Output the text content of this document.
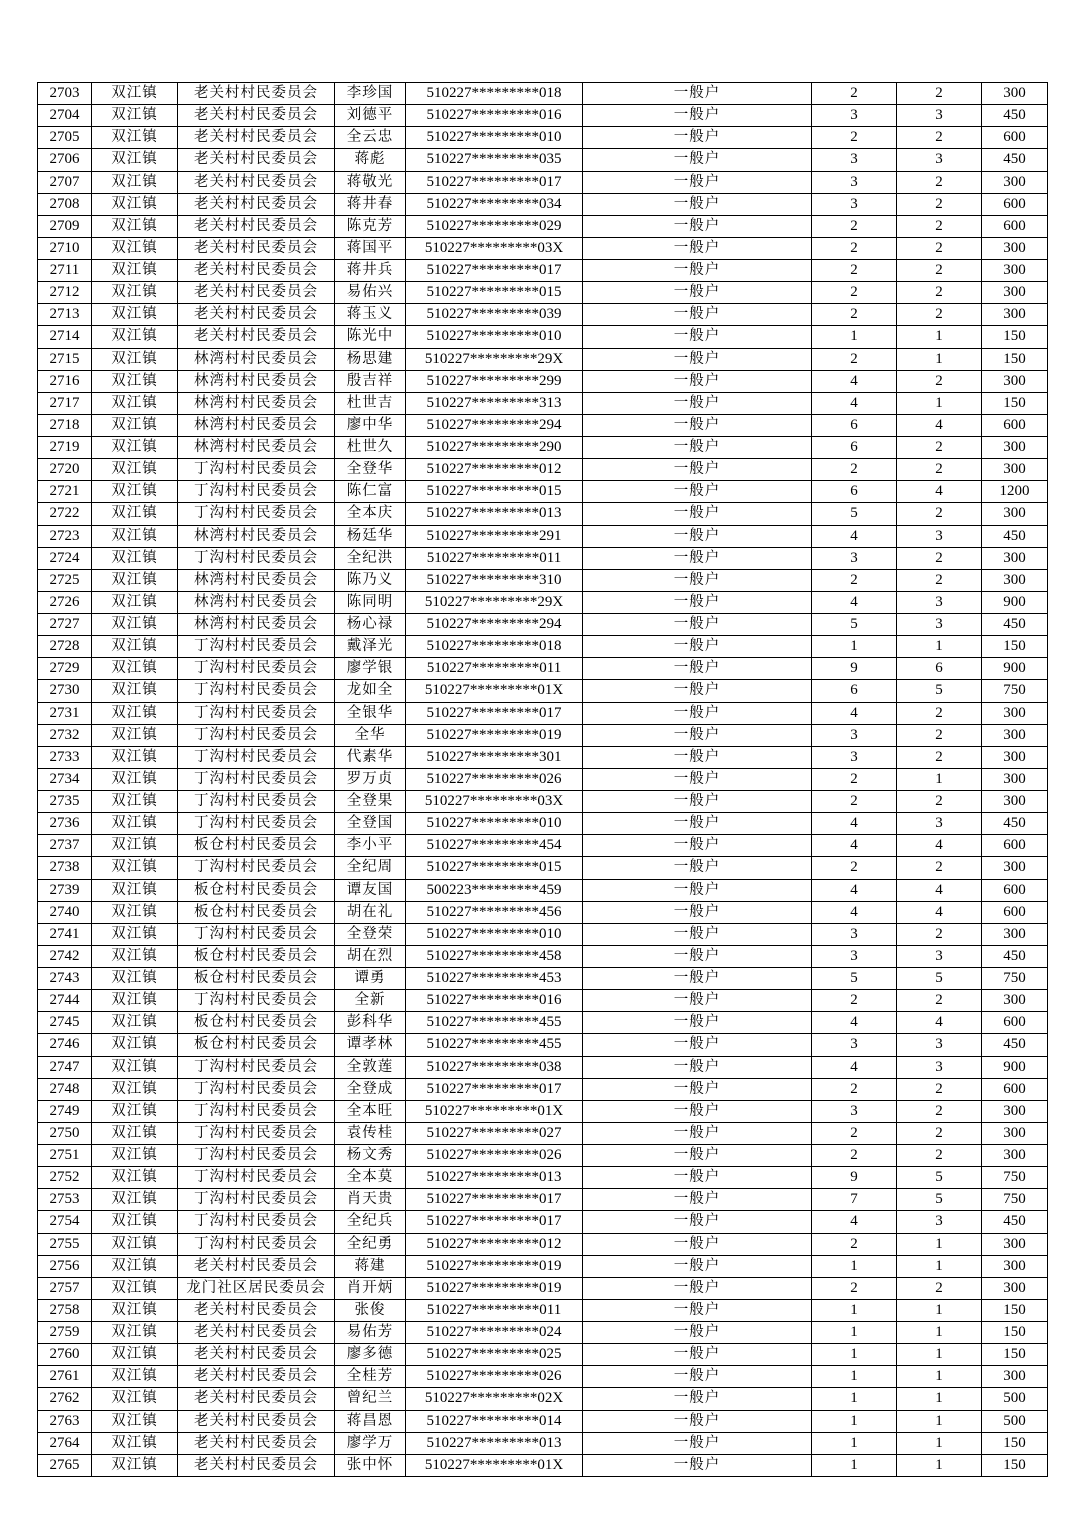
2703	双江镇	老关村村民委员会	李珍国	510227*********018	一般户	2	2	300
2704	双江镇	老关村村民委员会	刘德平	510227*********016	一般户	3	3	450
2705	双江镇	老关村村民委员会	全云忠	510227*********010	一般户	2	2	600
2706	双江镇	老关村村民委员会	蒋彪	510227*********035	一般户	3	3	450
2707	双江镇	老关村村民委员会	蒋敬光	510227*********017	一般户	3	2	300
2708	双江镇	老关村村民委员会	蒋井春	510227*********034	一般户	3	2	600
2709	双江镇	老关村村民委员会	陈克芳	510227*********029	一般户	2	2	600
2710	双江镇	老关村村民委员会	蒋国平	510227*********03X	一般户	2	2	300
2711	双江镇	老关村村民委员会	蒋井兵	510227*********017	一般户	2	2	300
2712	双江镇	老关村村民委员会	易佑兴	510227*********015	一般户	2	2	300
2713	双江镇	老关村村民委员会	蒋玉义	510227*********039	一般户	2	2	300
2714	双江镇	老关村村民委员会	陈光中	510227*********010	一般户	1	1	150
2715	双江镇	林湾村村民委员会	杨思建	510227*********29X	一般户	2	1	150
2716	双江镇	林湾村村民委员会	殷吉祥	510227*********299	一般户	4	2	300
2717	双江镇	林湾村村民委员会	杜世吉	510227*********313	一般户	4	1	150
2718	双江镇	林湾村村民委员会	廖中华	510227*********294	一般户	6	4	600
2719	双江镇	林湾村村民委员会	杜世久	510227*********290	一般户	6	2	300
2720	双江镇	丁沟村村民委员会	全登华	510227*********012	一般户	2	2	300
2721	双江镇	丁沟村村民委员会	陈仁富	510227*********015	一般户	6	4	1200
2722	双江镇	丁沟村村民委员会	全本庆	510227*********013	一般户	5	2	300
2723	双江镇	林湾村村民委员会	杨廷华	510227*********291	一般户	4	3	450
2724	双江镇	丁沟村村民委员会	全纪洪	510227*********011	一般户	3	2	300
2725	双江镇	林湾村村民委员会	陈乃义	510227*********310	一般户	2	2	300
2726	双江镇	林湾村村民委员会	陈同明	510227*********29X	一般户	4	3	900
2727	双江镇	林湾村村民委员会	杨心禄	510227*********294	一般户	5	3	450
2728	双江镇	丁沟村村民委员会	戴泽光	510227*********018	一般户	1	1	150
2729	双江镇	丁沟村村民委员会	廖学银	510227*********011	一般户	9	6	900
2730	双江镇	丁沟村村民委员会	龙如全	510227*********01X	一般户	6	5	750
2731	双江镇	丁沟村村民委员会	全银华	510227*********017	一般户	4	2	300
2732	双江镇	丁沟村村民委员会	全华	510227*********019	一般户	3	2	300
2733	双江镇	丁沟村村民委员会	代素华	510227*********301	一般户	3	2	300
2734	双江镇	丁沟村村民委员会	罗万贞	510227*********026	一般户	2	1	300
2735	双江镇	丁沟村村民委员会	全登果	510227*********03X	一般户	2	2	300
2736	双江镇	丁沟村村民委员会	全登国	510227*********010	一般户	4	3	450
2737	双江镇	板仓村村民委员会	李小平	510227*********454	一般户	4	4	600
2738	双江镇	丁沟村村民委员会	全纪周	510227*********015	一般户	2	2	300
2739	双江镇	板仓村村民委员会	谭友国	500223*********459	一般户	4	4	600
2740	双江镇	板仓村村民委员会	胡在礼	510227*********456	一般户	4	4	600
2741	双江镇	丁沟村村民委员会	全登荣	510227*********010	一般户	3	2	300
2742	双江镇	板仓村村民委员会	胡在烈	510227*********458	一般户	3	3	450
2743	双江镇	板仓村村民委员会	谭勇	510227*********453	一般户	5	5	750
2744	双江镇	丁沟村村民委员会	全新	510227*********016	一般户	2	2	300
2745	双江镇	板仓村村民委员会	彭科华	510227*********455	一般户	4	4	600
2746	双江镇	板仓村村民委员会	谭孝林	510227*********455	一般户	3	3	450
2747	双江镇	丁沟村村民委员会	全敦莲	510227*********038	一般户	4	3	900
2748	双江镇	丁沟村村民委员会	全登成	510227*********017	一般户	2	2	600
2749	双江镇	丁沟村村民委员会	全本旺	510227*********01X	一般户	3	2	300
2750	双江镇	丁沟村村民委员会	袁传桂	510227*********027	一般户	2	2	300
2751	双江镇	丁沟村村民委员会	杨文秀	510227*********026	一般户	2	2	300
2752	双江镇	丁沟村村民委员会	全本莫	510227*********013	一般户	9	5	750
2753	双江镇	丁沟村村民委员会	肖天贵	510227*********017	一般户	7	5	750
2754	双江镇	丁沟村村民委员会	全纪兵	510227*********017	一般户	4	3	450
2755	双江镇	丁沟村村民委员会	全纪勇	510227*********012	一般户	2	1	300
2756	双江镇	老关村村民委员会	蒋建	510227*********019	一般户	1	1	300
2757	双江镇	龙门社区居民委员会	肖开炳	510227*********019	一般户	2	2	300
2758	双江镇	老关村村民委员会	张俊	510227*********011	一般户	1	1	150
2759	双江镇	老关村村民委员会	易佑芳	510227*********024	一般户	1	1	150
2760	双江镇	老关村村民委员会	廖多德	510227*********025	一般户	1	1	150
2761	双江镇	老关村村民委员会	全桂芳	510227*********026	一般户	1	1	300
2762	双江镇	老关村村民委员会	曾纪兰	510227*********02X	一般户	1	1	500
2763	双江镇	老关村村民委员会	蒋昌恩	510227*********014	一般户	1	1	500
2764	双江镇	老关村村民委员会	廖学万	510227*********013	一般户	1	1	150
2765	双江镇	老关村村民委员会	张中怀	510227*********01X	一般户	1	1	150
